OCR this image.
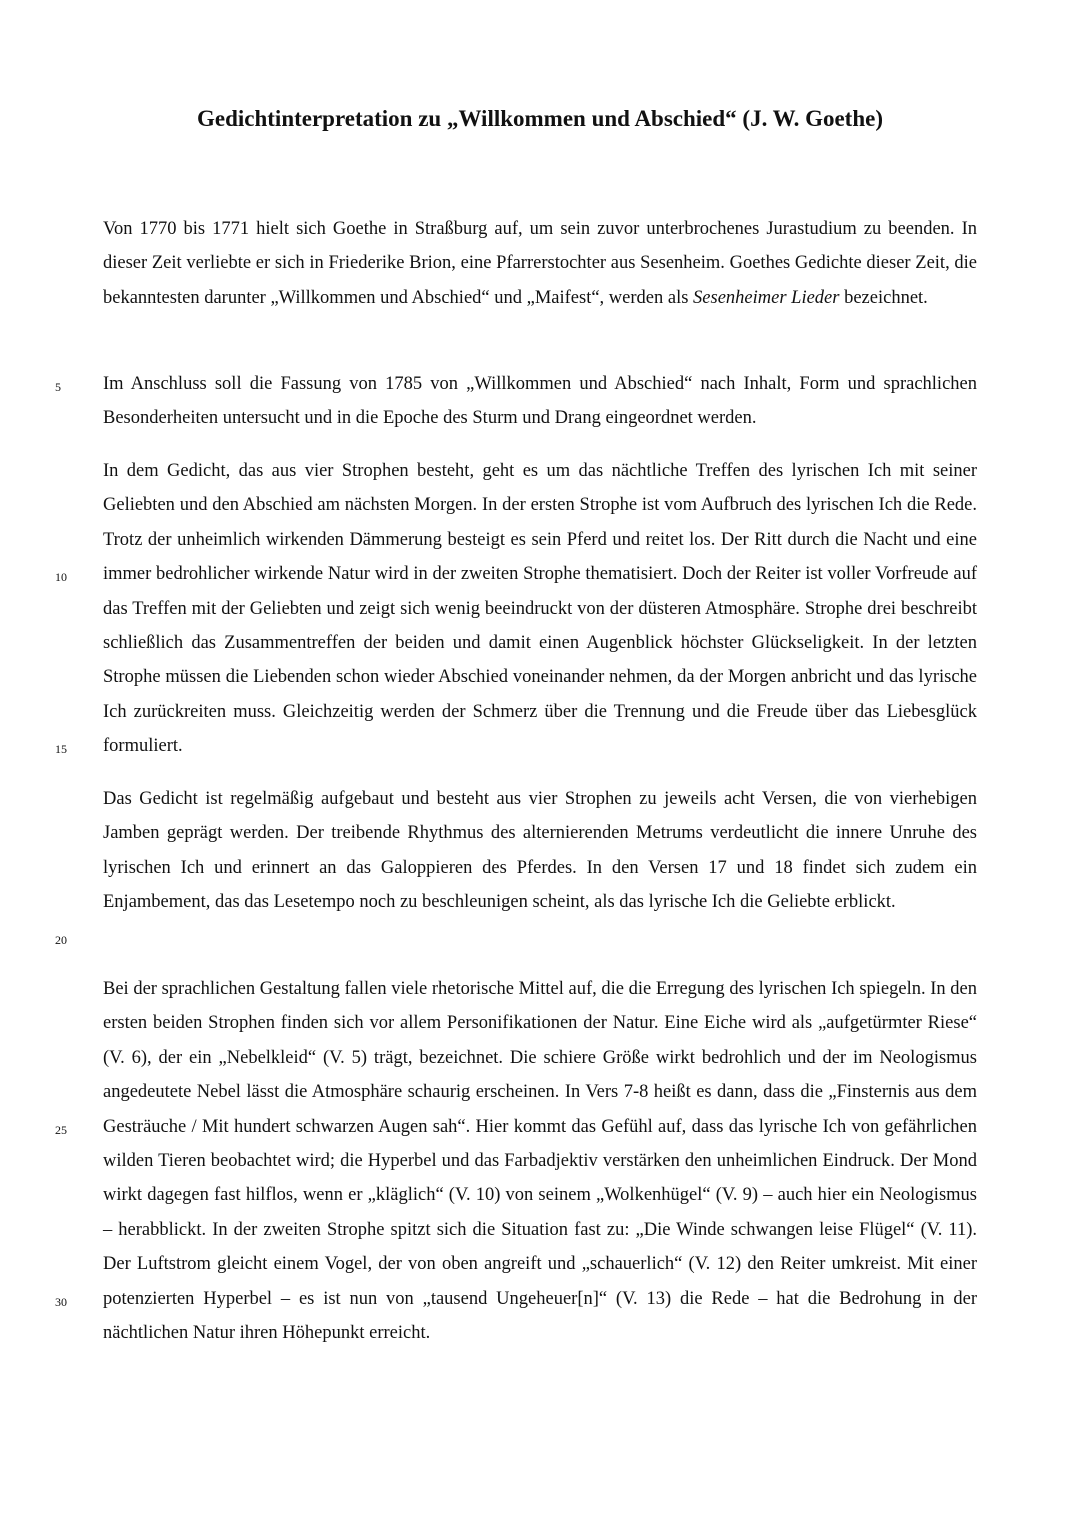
Gedichtinterpretation zu „Willkommen und Abschied“ (J. W. Goethe)

Von 1770 bis 1771 hielt sich Goethe in Straßburg auf, um sein zuvor unterbrochenes Jurastudium zu beenden. In dieser Zeit verliebte er sich in Friederike Brion, eine Pfarrerstochter aus Sesenheim. Goethes Gedichte dieser Zeit, die bekanntesten darunter „Willkommen und Abschied“ und „Maifest“, werden als Sesenheimer Lieder bezeichnet.

Im Anschluss soll die Fassung von 1785 von „Willkommen und Abschied“ nach Inhalt, Form und sprachlichen Besonderheiten untersucht und in die Epoche des Sturm und Drang eingeordnet werden.

In dem Gedicht, das aus vier Strophen besteht, geht es um das nächtliche Treffen des lyrischen Ich mit seiner Geliebten und den Abschied am nächsten Morgen. In der ersten Strophe ist vom Aufbruch des lyrischen Ich die Rede. Trotz der unheimlich wirkenden Dämmerung besteigt es sein Pferd und reitet los. Der Ritt durch die Nacht und eine immer bedrohlicher wirkende Natur wird in der zweiten Strophe thematisiert. Doch der Reiter ist voller Vorfreude auf das Treffen mit der Geliebten und zeigt sich wenig beeindruckt von der düsteren Atmosphäre. Strophe drei beschreibt schließlich das Zusammentreffen der beiden und damit einen Augenblick höchster Glückseligkeit. In der letzten Strophe müssen die Liebenden schon wieder Abschied voneinander nehmen, da der Morgen anbricht und das lyrische Ich zurückreiten muss. Gleichzeitig werden der Schmerz über die Trennung und die Freude über das Liebesglück formuliert.

Das Gedicht ist regelmäßig aufgebaut und besteht aus vier Strophen zu jeweils acht Versen, die von vierhebigen Jamben geprägt werden. Der treibende Rhythmus des alternierenden Metrums verdeutlicht die innere Unruhe des lyrischen Ich und erinnert an das Galoppieren des Pferdes. In den Versen 17 und 18 findet sich zudem ein Enjambement, das das Lesetempo noch zu beschleunigen scheint, als das lyrische Ich die Geliebte erblickt.

Bei der sprachlichen Gestaltung fallen viele rhetorische Mittel auf, die die Erregung des lyrischen Ich spiegeln. In den ersten beiden Strophen finden sich vor allem Personifikationen der Natur. Eine Eiche wird als „aufgetürmter Riese“ (V. 6), der ein „Nebelkleid“ (V. 5) trägt, bezeichnet. Die schiere Größe wirkt bedrohlich und der im Neologismus angedeutete Nebel lässt die Atmosphäre schaurig erscheinen. In Vers 7-8 heißt es dann, dass die „Finsternis aus dem Gesträuche / Mit hundert schwarzen Augen sah“. Hier kommt das Gefühl auf, dass das lyrische Ich von gefährlichen wilden Tieren beobachtet wird; die Hyperbel und das Farbadjektiv verstärken den unheimlichen Eindruck. Der Mond wirkt dagegen fast hilflos, wenn er „kläglich“ (V. 10) von seinem „Wolkenhügel“ (V. 9) – auch hier ein Neologismus – herabblickt. In der zweiten Strophe spitzt sich die Situation fast zu: „Die Winde schwangen leise Flügel“ (V. 11). Der Luftstrom gleicht einem Vogel, der von oben angreift und „schauerlich“ (V. 12) den Reiter umkreist. Mit einer potenzierten Hyperbel – es ist nun von „tausend Ungeheuer[n]“ (V. 13) die Rede – hat die Bedrohung in der nächtlichen Natur ihren Höhepunkt erreicht.

5
10
15
20
25
30
